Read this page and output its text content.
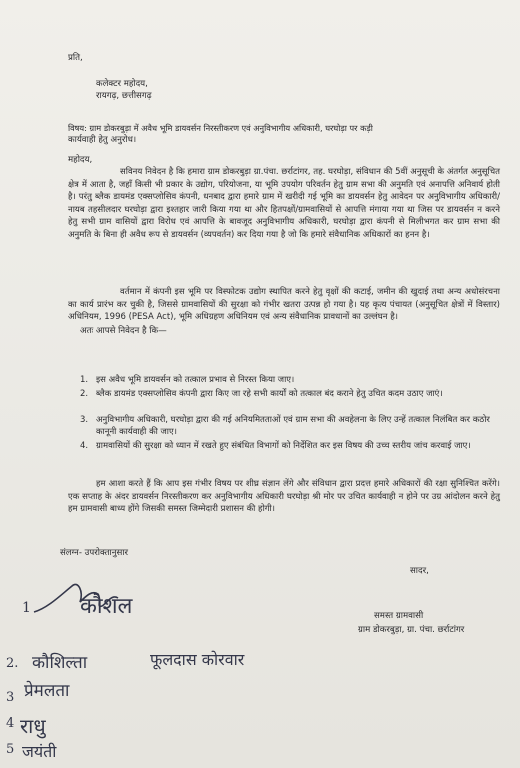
प्रति,
कलेक्टर महोदय,
रायगढ़, छत्तीसगढ़
विषय: ग्राम डोकरबुड़ा में अवैध भूमि डायवर्सन निरस्तीकरण एवं अनुविभागीय अधिकारी, घरघोड़ा पर कड़ी
कार्यवाही हेतु अनुरोध।
महोदय,
सविनय निवेदन है कि हमारा ग्राम डोकरबुड़ा ग्रा.पंचा. छर्राटांगर, तह. घरघोड़ा, संविधान की 5वीं अनुसूची के अंतर्गत अनुसूचित क्षेत्र में आता है, जहाँ किसी भी प्रकार के उद्योग, परियोजना, या भूमि उपयोग परिवर्तन हेतु ग्राम सभा की अनुमति एवं अनापत्ति अनिवार्य होती है। परंतु ब्लैक डायमंड एक्सप्लोसिव कंपनी, धनबाद द्वारा हमारे ग्राम में खरीदी गई भूमि का डायवर्सन हेतु आवेदन पर अनुविभागीय अधिकारी/नायब तहसीलदार घरघोड़ा द्वारा इश्तहार जारी किया गया था और हितपक्षों/ग्रामवासियों से आपत्ति मंगाया गया था जिस पर डायवर्सन न करने हेतु सभी ग्राम वासियों द्वारा विरोध एवं आपत्ति के बावजूद अनुविभागीय अधिकारी, घरघोड़ा द्वारा कंपनी से मिलीभगत कर ग्राम सभा की अनुमति के बिना ही अवैध रूप से डायवर्सन (व्यपवर्तन) कर दिया गया है जो कि हमारे संवैधानिक अधिकारों का हनन है।
वर्तमान में कंपनी इस भूमि पर विस्फोटक उद्योग स्थापित करने हेतु वृक्षों की कटाई, जमीन की खुदाई तथा अन्य अधोसंरचना का कार्य प्रारंभ कर चुकी है, जिससे ग्रामवासियों की सुरक्षा को गंभीर खतरा उत्पन्न हो गया है। यह कृत्य पंचायत (अनुसूचित क्षेत्रों में विस्तार) अधिनियम, 1996 (PESA Act), भूमि अधिग्रहण अधिनियम एवं अन्य संवैधानिक प्रावधानों का उल्लंघन है।
अतः आपसे निवेदन है कि—
1. इस अवैध भूमि डायवर्सन को तत्काल प्रभाव से निरस्त किया जाए।
2. ब्लैक डायमंड एक्सप्लोसिव कंपनी द्वारा किए जा रहे सभी कार्यों को तत्काल बंद कराने हेतु उचित कदम उठाए जाएं।
3. अनुविभागीय अधिकारी, घरघोड़ा द्वारा की गई अनियमितताओं एवं ग्राम सभा की अवहेलना के लिए उन्हें तत्काल निलंबित कर कठोर कानूनी कार्यवाही की जाए।
4. ग्रामवासियों की सुरक्षा को ध्यान में रखते हुए संबंधित विभागों को निर्देशित कर इस विषय की उच्च स्तरीय जांच करवाई जाए।
हम आशा करते हैं कि आप इस गंभीर विषय पर शीघ्र संज्ञान लेंगे और संविधान द्वारा प्रदत्त हमारे अधिकारों की रक्षा सुनिश्चित करेंगे। एक सप्ताह के अंदर डायवर्सन निरस्तीकरण कर अनुविभागीय अधिकारी घरघोड़ा श्री मोर पर उचित कार्यवाही न होने पर उग्र आंदोलन करने हेतु हम ग्रामवासी बाध्य होंगे जिसकी समस्त जिम्मेदारी प्रशासन की होगी।
संलग्न- उपरोक्तानुसार
सादर,
समस्त ग्रामवासी
ग्राम डोकरबुड़ा, ग्रा. पंचा. छर्राटांगर
1 कौशल
2. कौशिल्ता	फूलदास कोरवार
3 प्रेमलता
4 राधु
5 जयंती
